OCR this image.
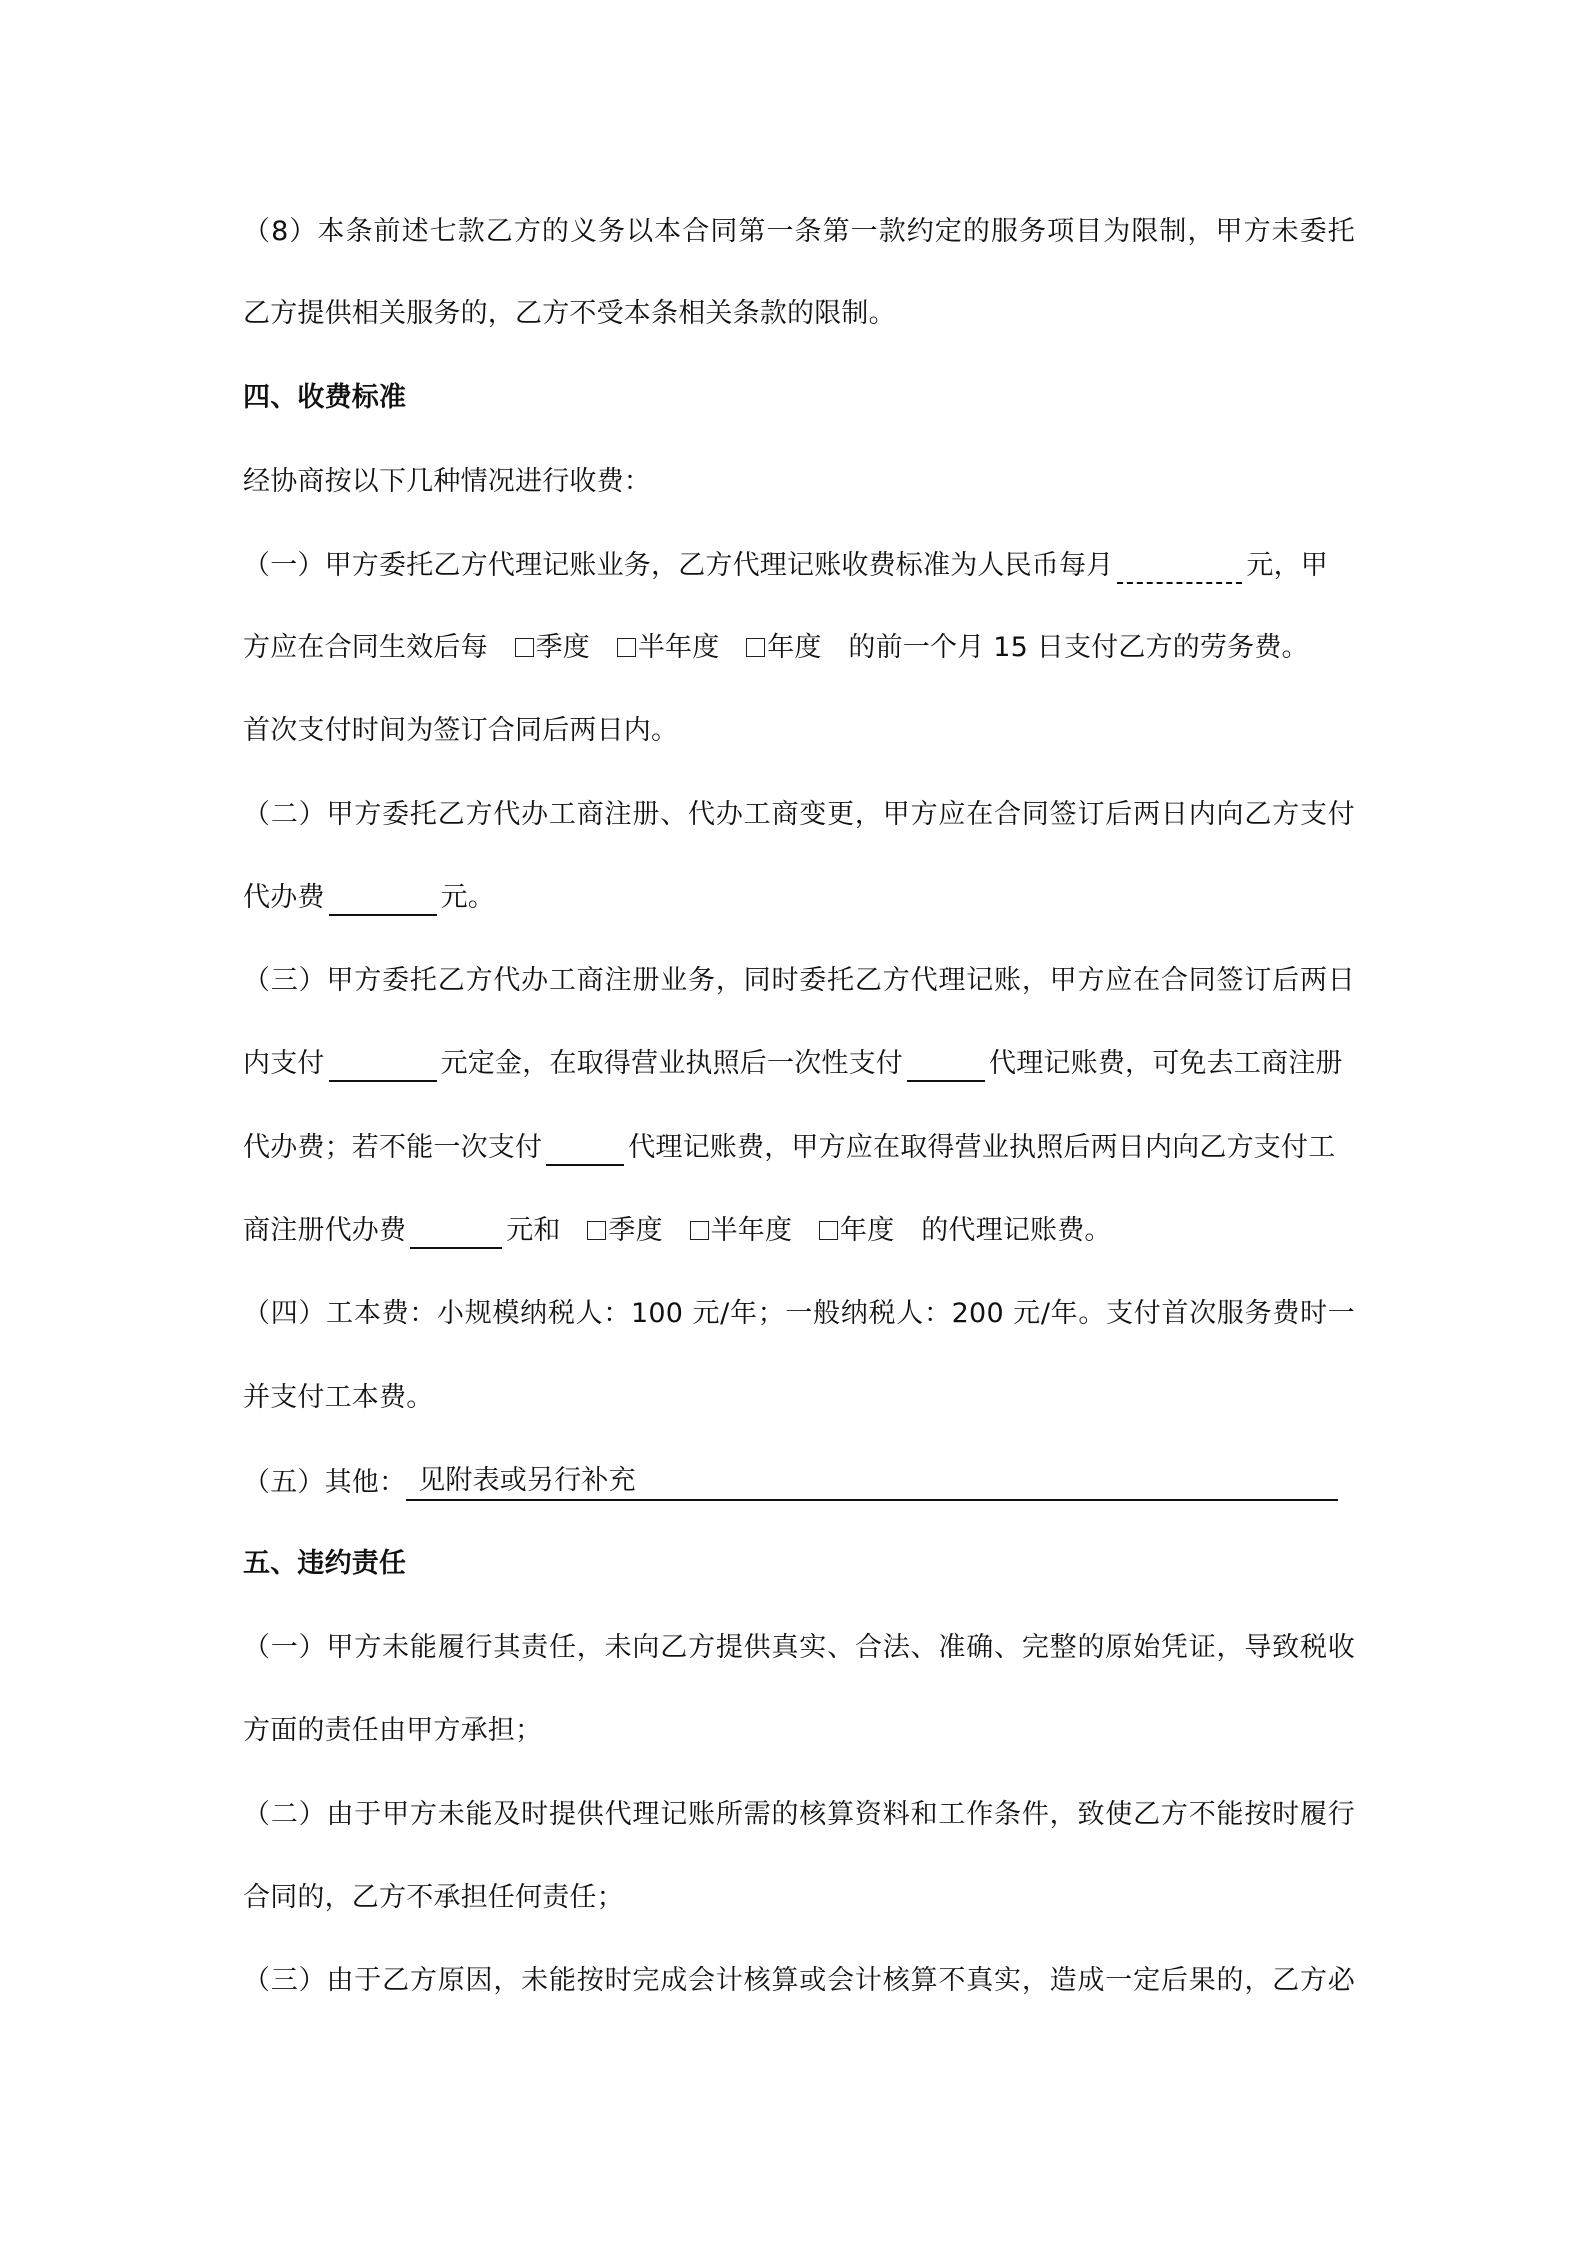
（8）本条前述七款乙方的义务以本合同第一条第一款约定的服务项目为限制，甲方未委托
乙方提供相关服务的，乙方不受本条相关条款的限制。
四、收费标准
经协商按以下几种情况进行收费：
（一）甲方委托乙方代理记账业务，乙方代理记账收费标准为人民币每月	元，甲
方应在合同生效后每 季度 半年度 年度 的前一个月 15 日支付乙方的劳务费。
首次支付时间为签订合同后两日内。
（二）甲方委托乙方代办工商注册、代办工商变更，甲方应在合同签订后两日内向乙方支付
代办费	元。
（三）甲方委托乙方代办工商注册业务，同时委托乙方代理记账，甲方应在合同签订后两日
内支付	元定金，在取得营业执照后一次性支付	代理记账费，可免去工商注册
代办费；若不能一次支付	代理记账费，甲方应在取得营业执照后两日内向乙方支付工
商注册代办费	元和 季度 半年度 年度 的代理记账费。
（四）工本费：小规模纳税人：100 元/年；一般纳税人：200 元/年。支付首次服务费时一
并支付工本费。
（五）其他： 见附表或另行补充
五、违约责任
（一）甲方未能履行其责任，未向乙方提供真实、合法、准确、完整的原始凭证，导致税收
方面的责任由甲方承担；
（二）由于甲方未能及时提供代理记账所需的核算资料和工作条件，致使乙方不能按时履行
合同的，乙方不承担任何责任；
（三）由于乙方原因，未能按时完成会计核算或会计核算不真实，造成一定后果的，乙方必
